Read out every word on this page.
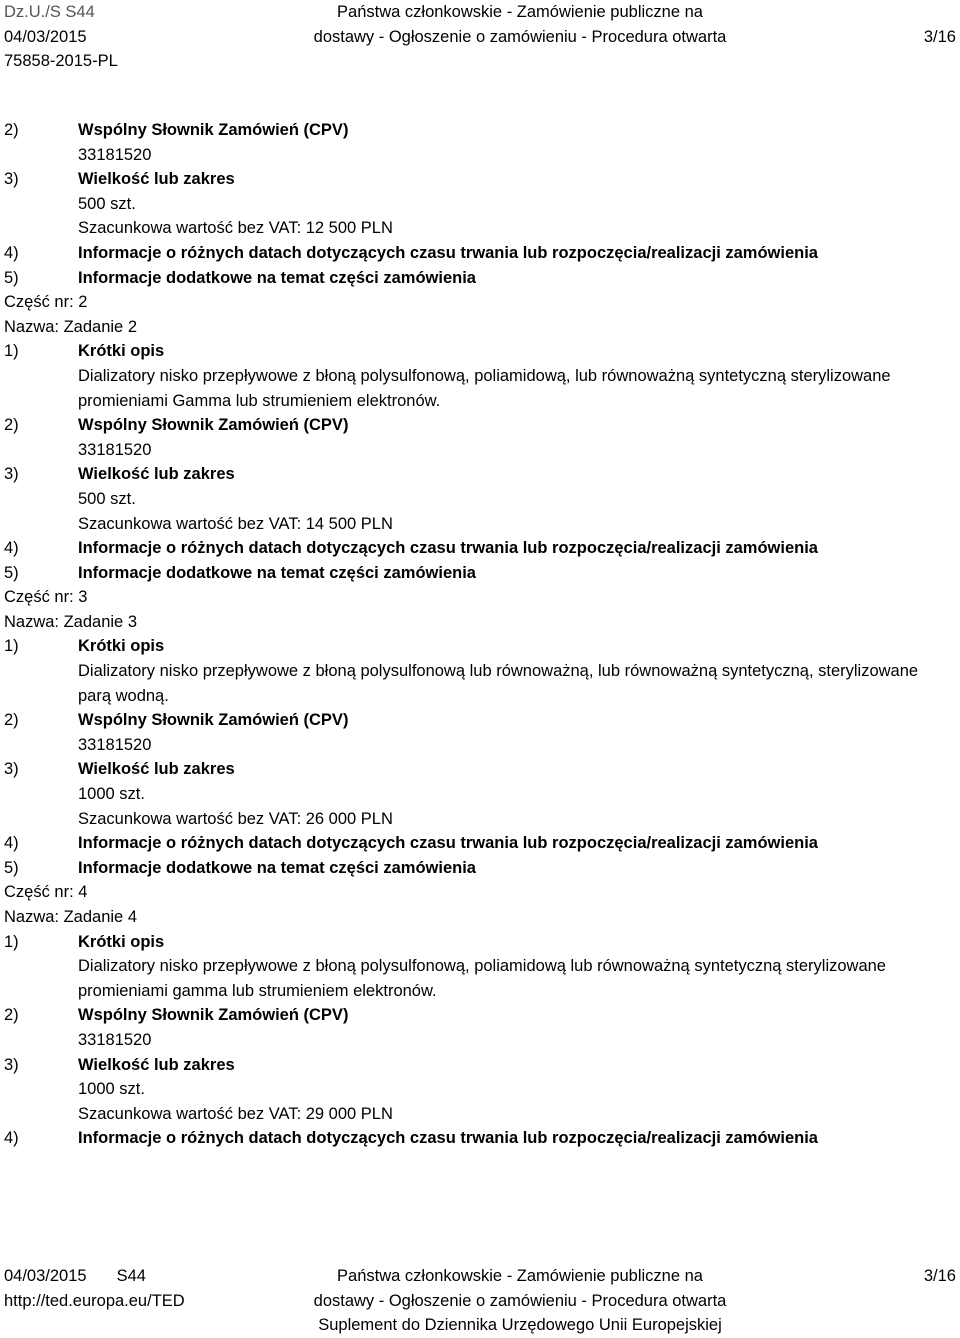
Dz.U./S S44
04/03/2015
75858-2015-PL
Państwa członkowskie - Zamówienie publiczne na
dostawy - Ogłoszenie o zamówieniu - Procedura otwarta
	3/16
2)	Wspólny Słownik Zamówień (CPV)
33181520
3)	Wielkość lub zakres
500 szt.
Szacunkowa wartość bez VAT: 12 500 PLN
4)	Informacje o różnych datach dotyczących czasu trwania lub rozpoczęcia/realizacji zamówienia
5)	Informacje dodatkowe na temat części zamówienia
Część nr: 2
Nazwa: Zadanie 2
1)	Krótki opis
Dializatory nisko przepływowe z błoną polysulfonową, poliamidową, lub równoważną syntetyczną sterylizowane promieniami Gamma lub strumieniem elektronów.
2)	Wspólny Słownik Zamówień (CPV)
33181520
3)	Wielkość lub zakres
500 szt.
Szacunkowa wartość bez VAT: 14 500 PLN
4)	Informacje o różnych datach dotyczących czasu trwania lub rozpoczęcia/realizacji zamówienia
5)	Informacje dodatkowe na temat części zamówienia
Część nr: 3
Nazwa: Zadanie 3
1)	Krótki opis
Dializatory nisko przepływowe z błoną polysulfonową lub równoważną, lub równoważną syntetyczną, sterylizowane parą wodną.
2)	Wspólny Słownik Zamówień (CPV)
33181520
3)	Wielkość lub zakres
1000 szt.
Szacunkowa wartość bez VAT: 26 000 PLN
4)	Informacje o różnych datach dotyczących czasu trwania lub rozpoczęcia/realizacji zamówienia
5)	Informacje dodatkowe na temat części zamówienia
Część nr: 4
Nazwa: Zadanie 4
1)	Krótki opis
Dializatory nisko przepływowe z błoną polysulfonową, poliamidową lub równoważną syntetyczną sterylizowane promieniami gamma lub strumieniem elektronów.
2)	Wspólny Słownik Zamówień (CPV)
33181520
3)	Wielkość lub zakres
1000 szt.
Szacunkowa wartość bez VAT: 29 000 PLN
4)	Informacje o różnych datach dotyczących czasu trwania lub rozpoczęcia/realizacji zamówienia
04/03/2015 S44
http://ted.europa.eu/TED
Państwa członkowskie - Zamówienie publiczne na
dostawy - Ogłoszenie o zamówieniu - Procedura otwarta
Suplement do Dziennika Urzędowego Unii Europejskiej
3/16
